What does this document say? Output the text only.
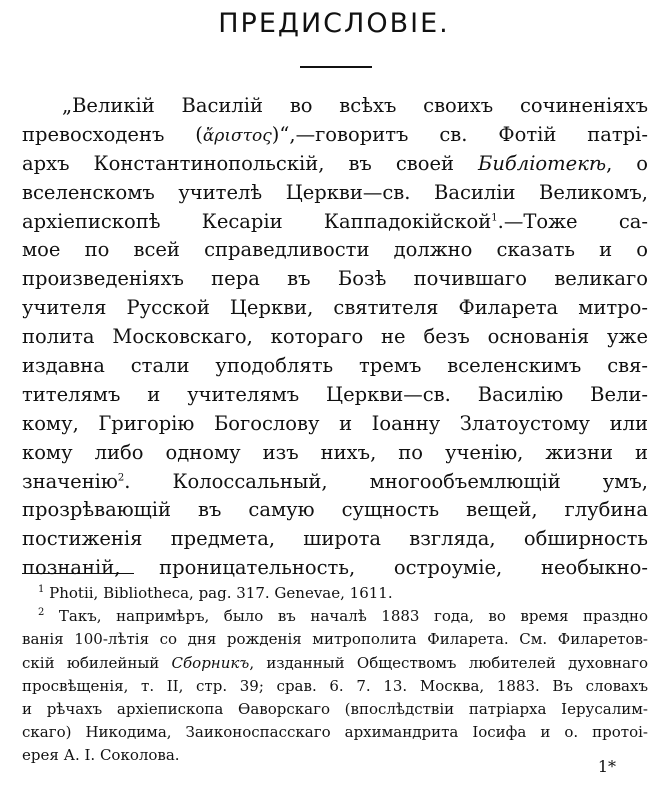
ПРЕДИСЛОВІЕ.
„Великій Василій во всѣхъ своихъ сочиненіяхъ
превосходенъ (ἄριστος)“,—говоритъ св. Фотій патрі-
архъ Константинопольскій, въ своей Библіотекѣ, о
вселенскомъ учителѣ Церкви—св. Василіи Великомъ,
архіепископѣ Кесаріи Каппадокійской$^1$.—Тоже са-
мое по всей справедливости должно сказать и о
произведеніяхъ пера въ Бозѣ почившаго великаго
учителя Русской Церкви, святителя Филарета митро-
полита Московскаго, котораго не безъ основанія уже
издавна стали уподоблять тремъ вселенскимъ свя-
тителямъ и учителямъ Церкви—св. Василію Вели-
кому, Григорію Богослову и Іоанну Златоустому или
кому либо одному изъ нихъ, по ученію, жизни и
значенію$^2$. Колоссальный, многообъемлющій умъ,
прозрѣвающій въ самую сущность вещей, глубина
постиженія предмета, широта взгляда, обширность
познаній, проницательность, остроуміе, необыкно-
$^1$ Photii, Bibliotheca, pag. 317. Genevae, 1611.
$^2$ Такъ, напримѣръ, было въ началѣ 1883 года, во время праздно
ванія 100-лѣтія со дня рожденія митрополита Филарета. См. Филаретов-
скій юбилейный Сборникъ, изданный Обществомъ любителей духовнаго
просвѣщенія, т. II, стр. 39; срав. 6. 7. 13. Москва, 1883. Въ словахъ
и рѣчахъ архіепископа Ѳаворскаго (впослѣдствіи патріарха Іерусалим-
скаго) Никодима, Заиконоспасскаго архимандрита Іосифа и о. протоі-
ерея А. І. Соколова.
1*
